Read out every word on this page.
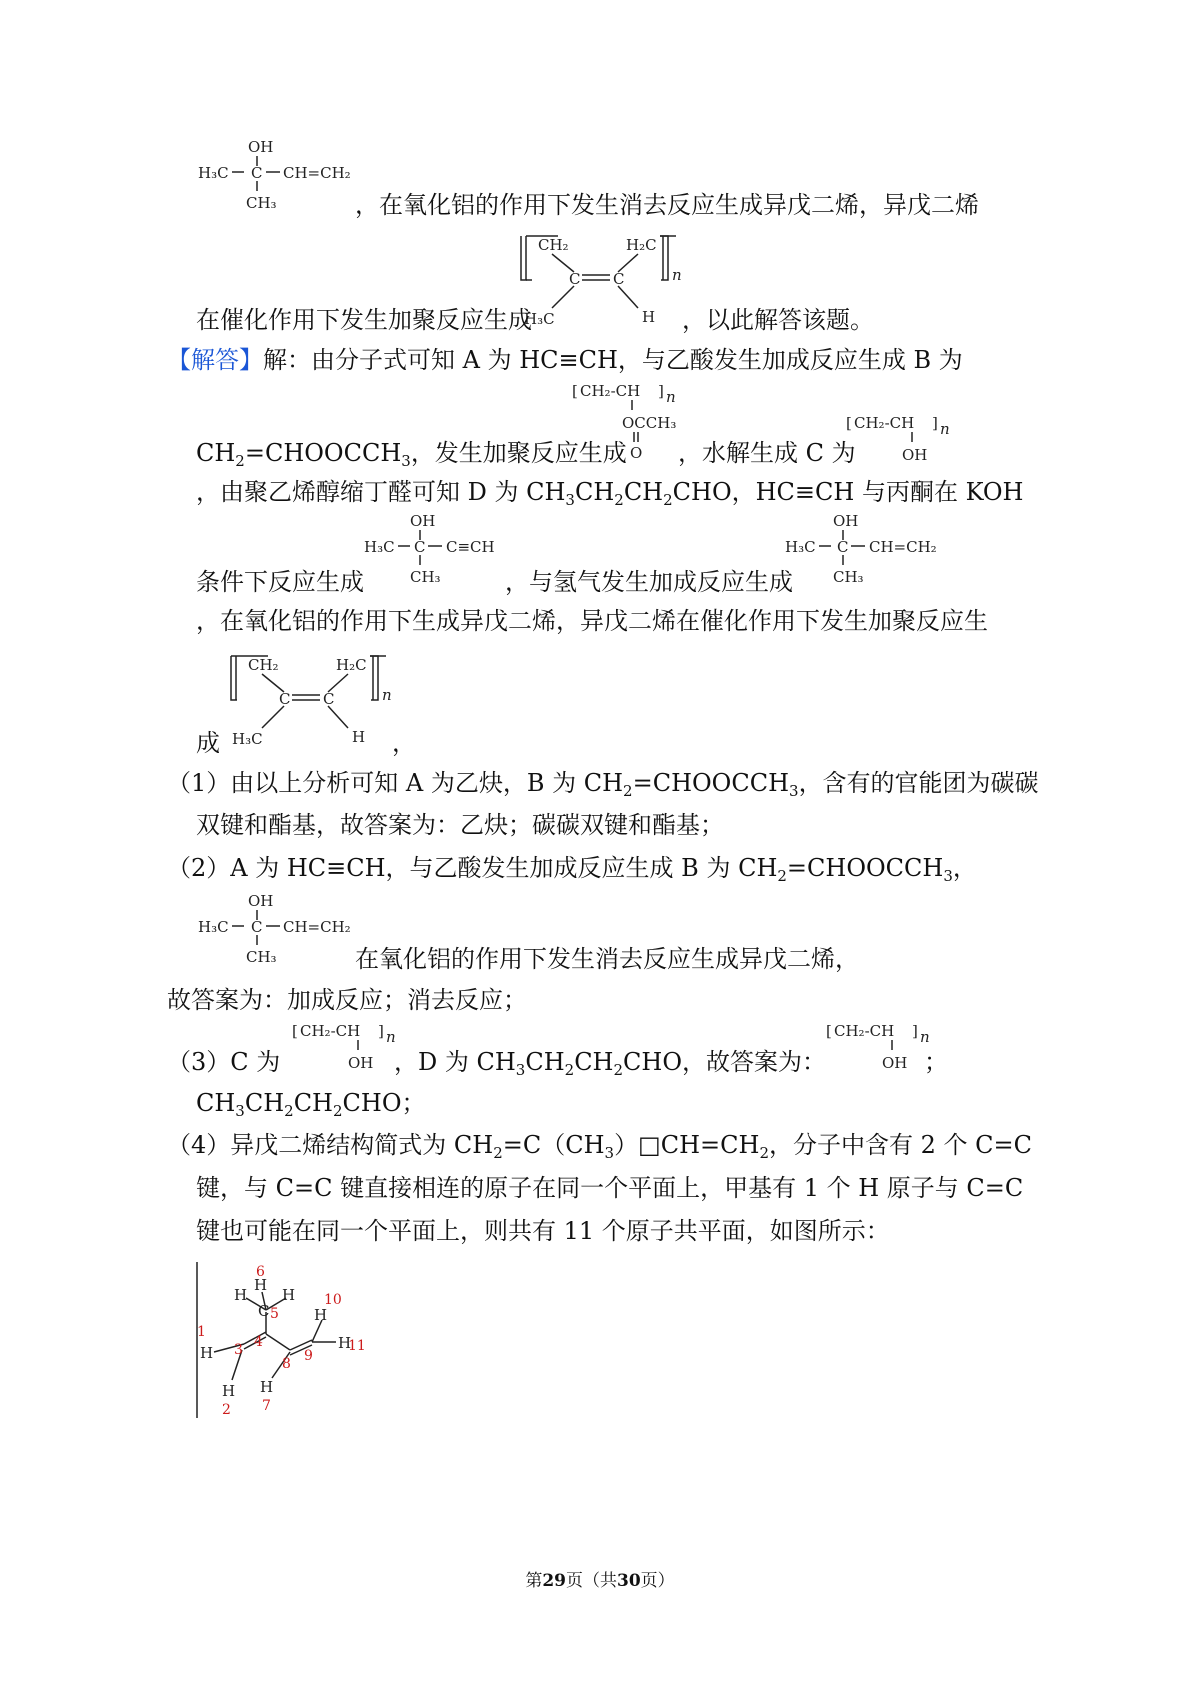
OH
H₃C C CH=CH₂
CH₃	，在氧化铝的作用下发生消去反应生成异戊二烯，异戊二烯
CH₂	H₂C
n
C C
H₃C	H
在催化作用下发生加聚反应生成	，以此解答该题。
【解答】解：由分子式可知 A 为 HC≡CH，与乙酸发生加成反应生成 B 为
[ CH₂-CH ] n
OCCH₃
O
$CH_2=CHOOCCH_3$，发生加聚反应生成 ，水解生成 C 为
[ CH₂-CH ] n
OH
，由聚乙烯醇缩丁醛可知 D 为 $CH_3CH_2CH_2CHO$，HC≡CH 与丙酮在 KOH
OH
H₃C C C≡CH
CH₃
OH
H₃C C CH=CH₂
CH₃
条件下反应生成	，与氢气发生加成反应生成
，在氧化铝的作用下生成异戊二烯，异戊二烯在催化作用下发生加聚反应生
CH₂	H₂C
n
C C
H₃C	H
成	，
（1）由以上分析可知 A 为乙炔，B 为 $CH_2=CHOOCCH_3$，含有的官能团为碳碳
双键和酯基，故答案为：乙炔；碳碳双键和酯基；
（2）A 为 HC≡CH，与乙酸发生加成反应生成 B 为 $CH_2=CHOOCCH_3$，
OH
H₃C C CH=CH₂
CH₃	在氧化铝的作用下发生消去反应生成异戊二烯，
故答案为：加成反应；消去反应；
（3）C 为
[ CH₂-CH ] n
OH ，D 为 $CH_3CH_2CH_2CHO$，故答案为：
[ CH₂-CH ] n
OH ；
$CH_3CH_2CH_2CHO$；
（4）异戊二烯结构简式为 $CH_2=C(CH_3)□CH=CH_2$，分子中含有 2 个 C=C
键，与 C=C 键直接相连的原子在同一个平面上，甲基有 1 个 H 原子与 C=C
键也可能在同一个平面上，则共有 11 个原子共平面，如图所示：
H
H
H
C
H
H
H
H
H
1
2
3 4
5
6
7
8 9
10
11
第29页（共30页）
